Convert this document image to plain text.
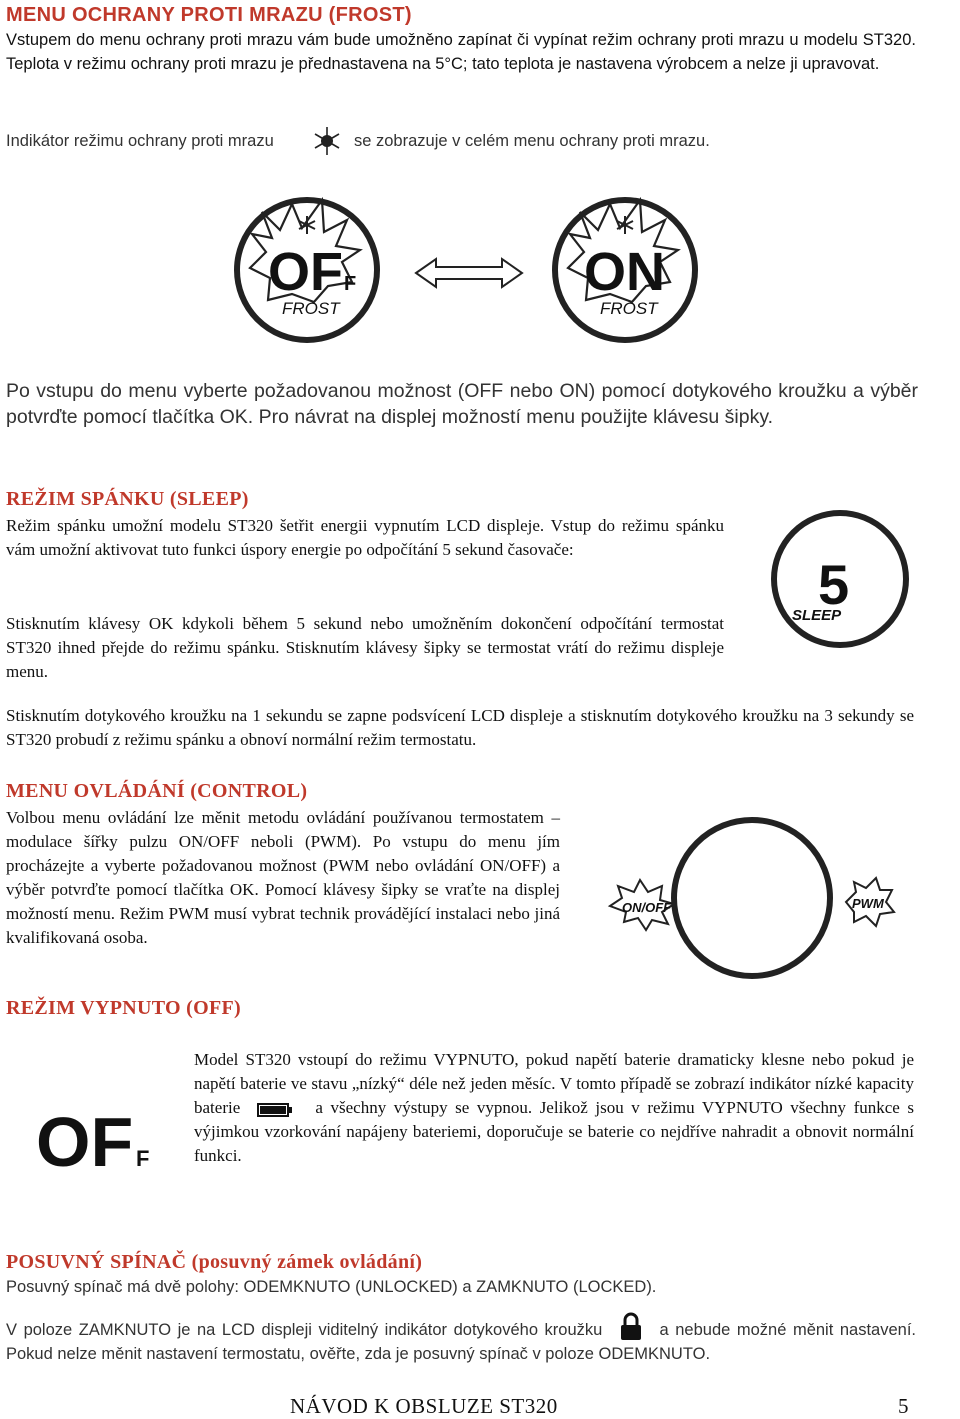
MENU OCHRANY PROTI MRAZU (FROST)
Vstupem do menu ochrany proti mrazu vám bude umožněno zapínat či vypínat režim ochrany proti mrazu u modelu ST320. Teplota v režimu ochrany proti mrazu je přednastavena na 5°C; tato teplota je nastavena výrobcem a nelze ji upravovat.
Indikátor režimu ochrany proti mrazu	se zobrazuje v celém menu ochrany proti mrazu.
OF F
FROST
ON
FROST
Po vstupu do menu vyberte požadovanou možnost (OFF nebo ON) pomocí dotykového kroužku a výběr potvrďte pomocí tlačítka OK. Pro návrat na displej možností menu použijte klávesu šipky.
REŽIM SPÁNKU (SLEEP)
Režim spánku umožní modelu ST320 šetřit energii vypnutím LCD displeje. Vstup do režimu spánku vám umožní aktivovat tuto funkci úspory energie po odpočítání 5 sekund časovače:
Stisknutím klávesy OK kdykoli během 5 sekund nebo umožněním dokončení odpočítání termostat ST320 ihned přejde do režimu spánku. Stisknutím klávesy šipky se termostat vrátí do režimu displeje menu.
5
SLEEP
Stisknutím dotykového kroužku na 1 sekundu se zapne podsvícení LCD displeje a stisknutím dotykového kroužku na 3 sekundy se ST320 probudí z režimu spánku a obnoví normální režim termostatu.
MENU OVLÁDÁNÍ (CONTROL)
Volbou menu ovládání lze měnit metodu ovládání používanou termostatem – modulace šířky pulzu ON/OFF neboli (PWM). Po vstupu do menu jím procházejte a vyberte požadovanou možnost (PWM nebo ovládání ON/OFF) a výběr potvrďte pomocí tlačítka OK. Pomocí klávesy šipky se vraťte na displej možností menu. Režim PWM musí vybrat technik provádějící instalaci nebo jiná kvalifikovaná osoba.
ON/OFF	PWM
REŽIM VYPNUTO (OFF)
OF F
Model ST320 vstoupí do režimu VYPNUTO, pokud napětí baterie dramaticky klesne nebo pokud je napětí baterie ve stavu „nízký“ déle než jeden měsíc. V tomto případě se zobrazí indikátor nízké kapacity baterie	a všechny výstupy se vypnou. Jelikož jsou v režimu VYPNUTO všechny funkce s výjimkou vzorkování napájeny bateriemi, doporučuje se baterie co nejdříve nahradit a obnovit normální funkci.
POSUVNÝ SPÍNAČ (posuvný zámek ovládání)
Posuvný spínač má dvě polohy: ODEMKNUTO (UNLOCKED) a ZAMKNUTO (LOCKED).
V poloze ZAMKNUTO je na LCD displeji viditelný indikátor dotykového kroužku	a nebude možné měnit nastavení. Pokud nelze měnit nastavení termostatu, ověřte, zda je posuvný spínač v poloze ODEMKNUTO.
NÁVOD K OBSLUZE ST320	5
